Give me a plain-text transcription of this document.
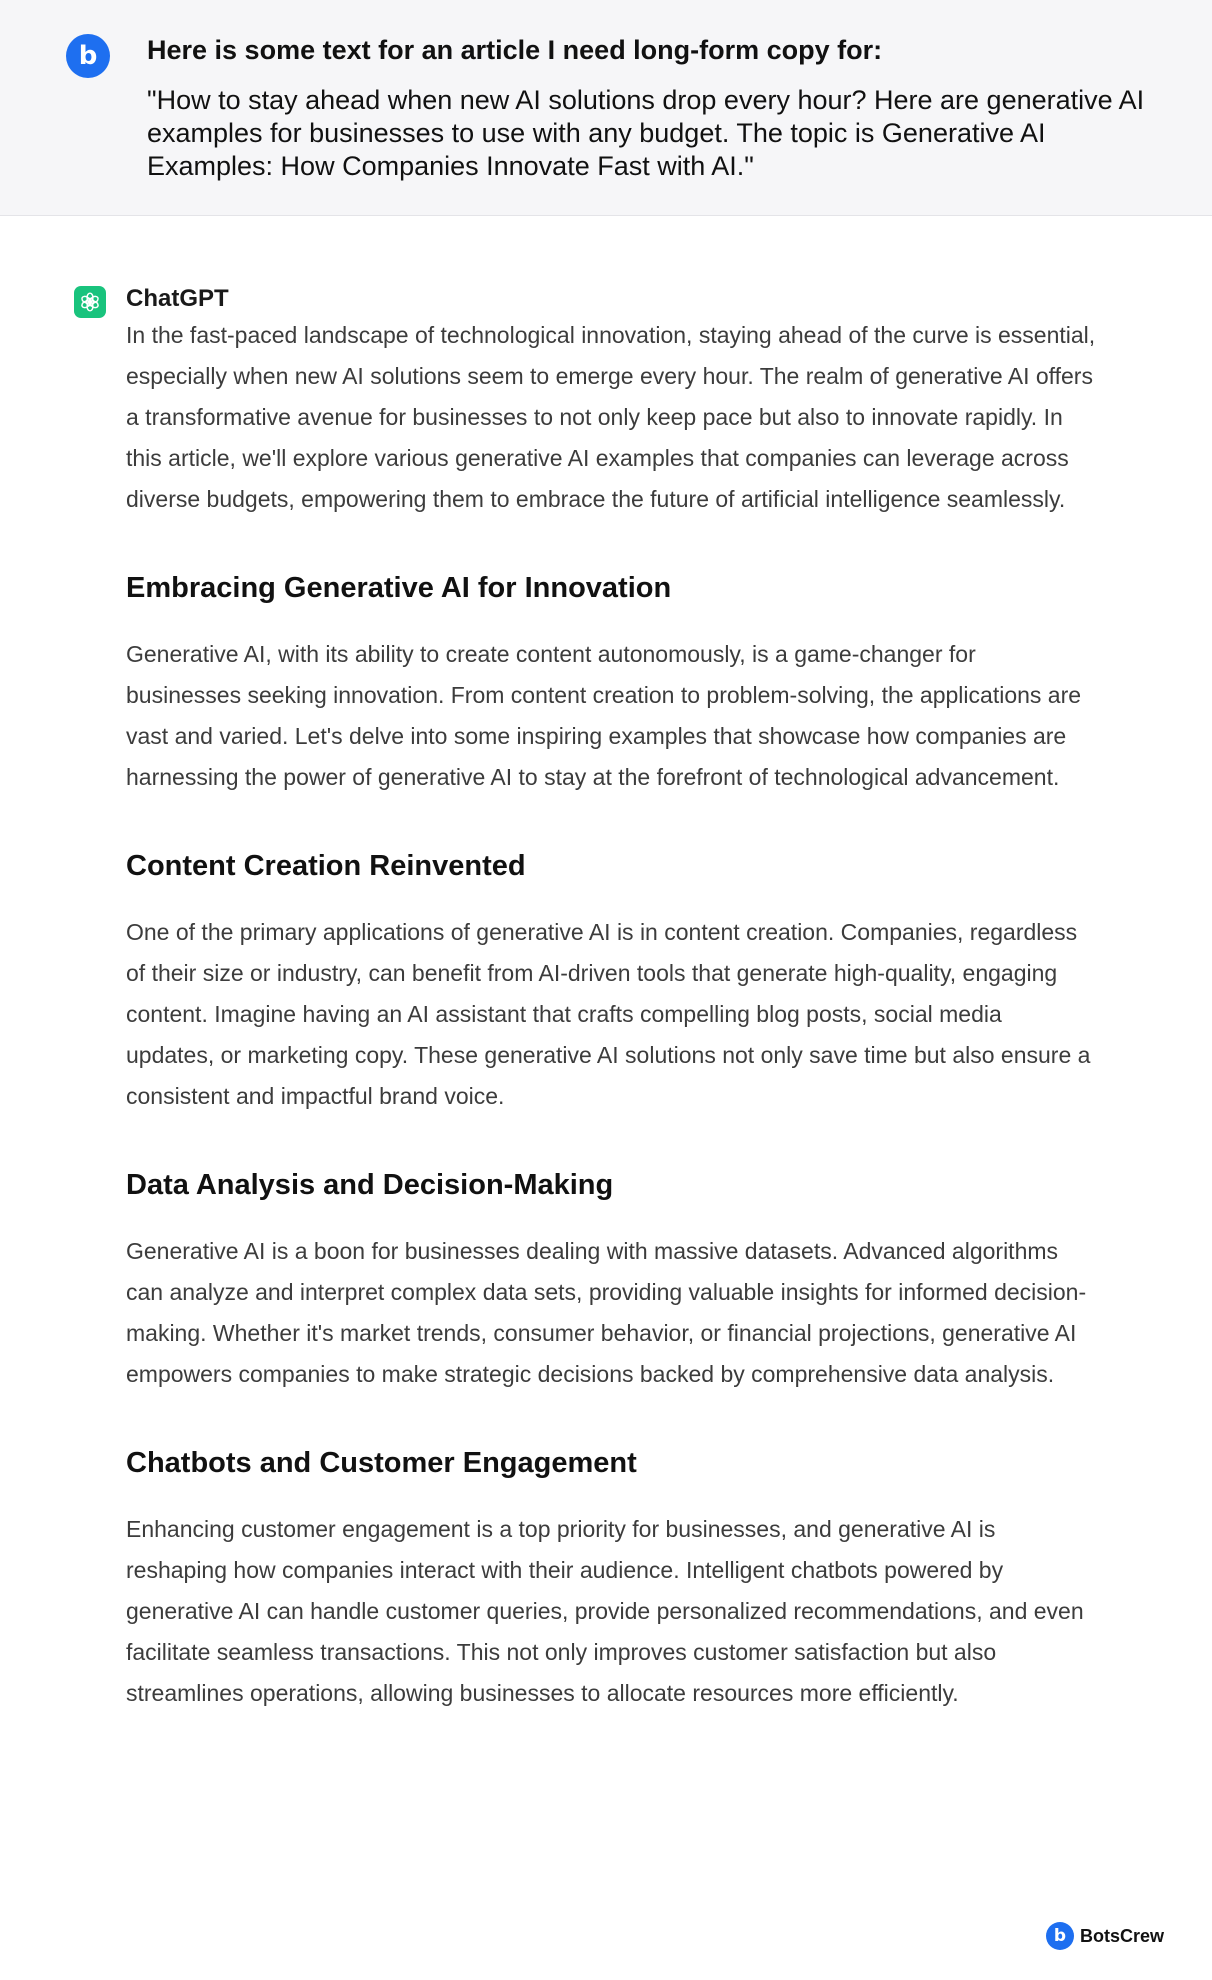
b	Here is some text for an article I need long-form copy for:
"How to stay ahead when new AI solutions drop every hour? Here are generative AI examples for businesses to use with any budget. The topic is Generative AI Examples: How Companies Innovate Fast with AI."
ChatGPT

In the fast-paced landscape of technological innovation, staying ahead of the curve is essential, especially when new AI solutions seem to emerge every hour. The realm of generative AI offers a transformative avenue for businesses to not only keep pace but also to innovate rapidly. In this article, we'll explore various generative AI examples that companies can leverage across diverse budgets, empowering them to embrace the future of artificial intelligence seamlessly.

Embracing Generative AI for Innovation

Generative AI, with its ability to create content autonomously, is a game-changer for businesses seeking innovation. From content creation to problem-solving, the applications are vast and varied. Let's delve into some inspiring examples that showcase how companies are harnessing the power of generative AI to stay at the forefront of technological advancement.

Content Creation Reinvented

One of the primary applications of generative AI is in content creation. Companies, regardless of their size or industry, can benefit from AI-driven tools that generate high-quality, engaging content. Imagine having an AI assistant that crafts compelling blog posts, social media updates, or marketing copy. These generative AI solutions not only save time but also ensure a consistent and impactful brand voice.

Data Analysis and Decision-Making

Generative AI is a boon for businesses dealing with massive datasets. Advanced algorithms can analyze and interpret complex data sets, providing valuable insights for informed decision-making. Whether it's market trends, consumer behavior, or financial projections, generative AI empowers companies to make strategic decisions backed by comprehensive data analysis.

Chatbots and Customer Engagement

Enhancing customer engagement is a top priority for businesses, and generative AI is reshaping how companies interact with their audience. Intelligent chatbots powered by generative AI can handle customer queries, provide personalized recommendations, and even facilitate seamless transactions. This not only improves customer satisfaction but also streamlines operations, allowing businesses to allocate resources more efficiently.

b BotsCrew
